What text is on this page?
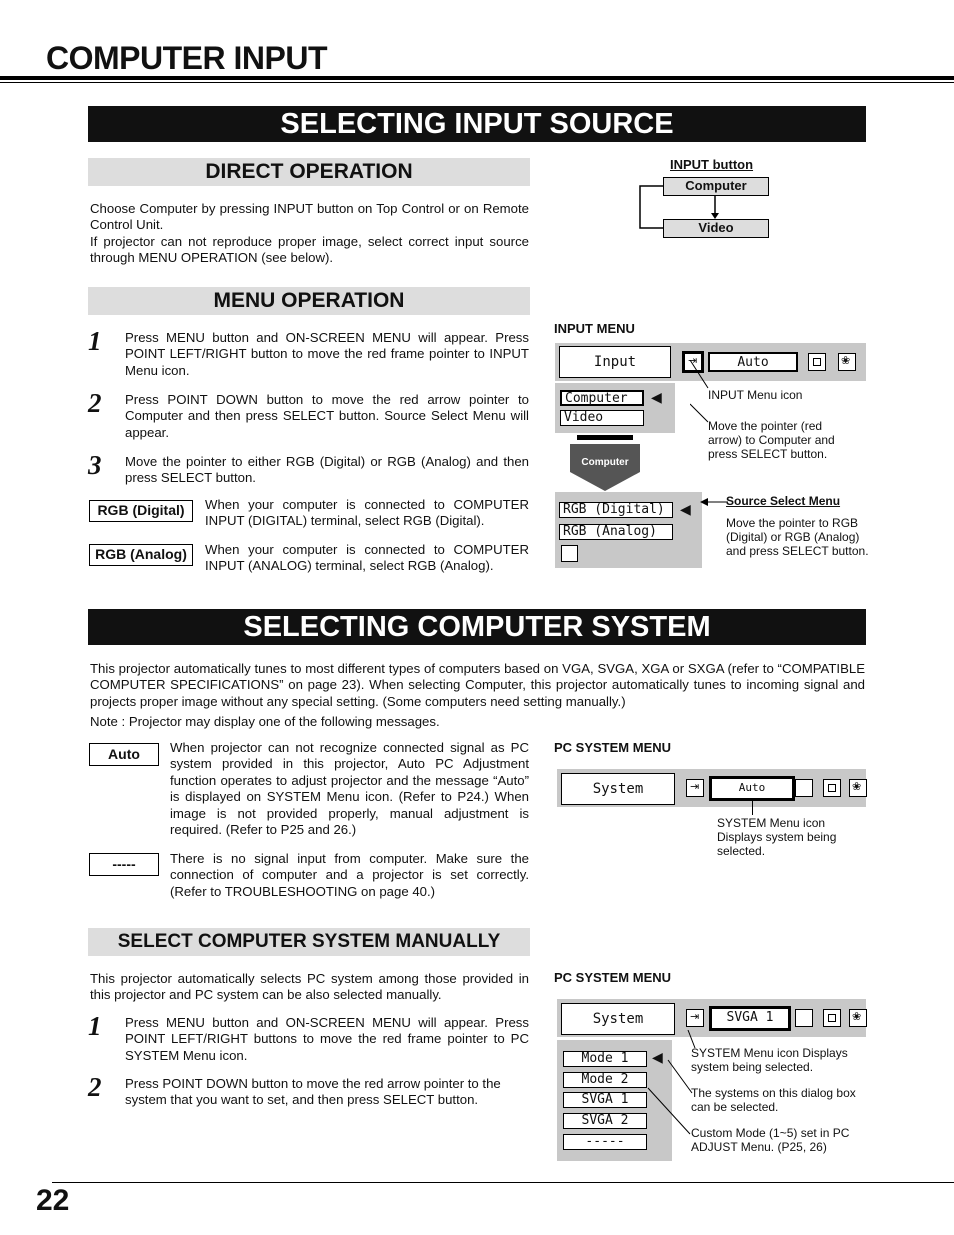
COMPUTER INPUT
SELECTING INPUT SOURCE
DIRECT OPERATION
Choose Computer by pressing INPUT button on Top Control or on Remote Control Unit.
If projector can not reproduce proper image, select correct input source through MENU OPERATION (see below).
INPUT button
Computer
Video
MENU OPERATION
1 Press MENU button and ON-SCREEN MENU will appear. Press POINT LEFT/RIGHT button to move the red frame pointer to INPUT Menu icon.
2 Press POINT DOWN button to move the red arrow pointer to Computer and then press SELECT button. Source Select Menu will appear.
3 Move the pointer to either RGB (Digital) or RGB (Analog) and then press SELECT button.
RGB (Digital)	When your computer is connected to COMPUTER INPUT (DIGITAL) terminal, select RGB (Digital).
RGB (Analog)	When your computer is connected to COMPUTER INPUT (ANALOG) terminal, select RGB (Analog).
INPUT MENU
Input	⇥	Auto	❀
Computer
Video
◀
Computer
INPUT Menu icon
Move the pointer (red arrow) to Computer and press SELECT button.
RGB (Digital)
RGB (Analog)
◀	Source Select Menu
Move the pointer to RGB (Digital) or RGB (Analog) and press SELECT button.
SELECTING COMPUTER SYSTEM
This projector automatically tunes to most different types of computers based on VGA, SVGA, XGA or SXGA (refer to “COMPATIBLE COMPUTER SPECIFICATIONS” on page 23). When selecting Computer, this projector automatically tunes to incoming signal and projects proper image without any special setting. (Some computers need setting manually.)
Note : Projector may display one of the following messages.
Auto	When projector can not recognize connected signal as PC system provided in this projector, Auto PC Adjustment function operates to adjust projector and the message “Auto” is displayed on SYSTEM Menu icon. (Refer to P24.) When image is not provided properly, manual adjustment is required. (Refer to P25 and 26.)
-----	There is no signal input from computer. Make sure the connection of computer and a projector is set correctly. (Refer to TROUBLESHOOTING on page 40.)
PC SYSTEM MENU
System	⇥	Auto	❀
SYSTEM Menu icon Displays system being selected.
SELECT COMPUTER SYSTEM MANUALLY
This projector automatically selects PC system among those provided in this projector and PC system can be also selected manually.
1 Press MENU button and ON-SCREEN MENU will appear. Press POINT LEFT/RIGHT buttons to move the red frame pointer to PC SYSTEM Menu icon.
2 Press POINT DOWN button to move the red arrow pointer to the system that you want to set, and then press SELECT button.
PC SYSTEM MENU
System	⇥	SVGA 1	❀
Mode 1
Mode 2
SVGA 1
SVGA 2
-----
◀ SYSTEM Menu icon Displays system being selected.
The systems on this dialog box can be selected.
Custom Mode (1~5) set in PC ADJUST Menu. (P25, 26)
22
